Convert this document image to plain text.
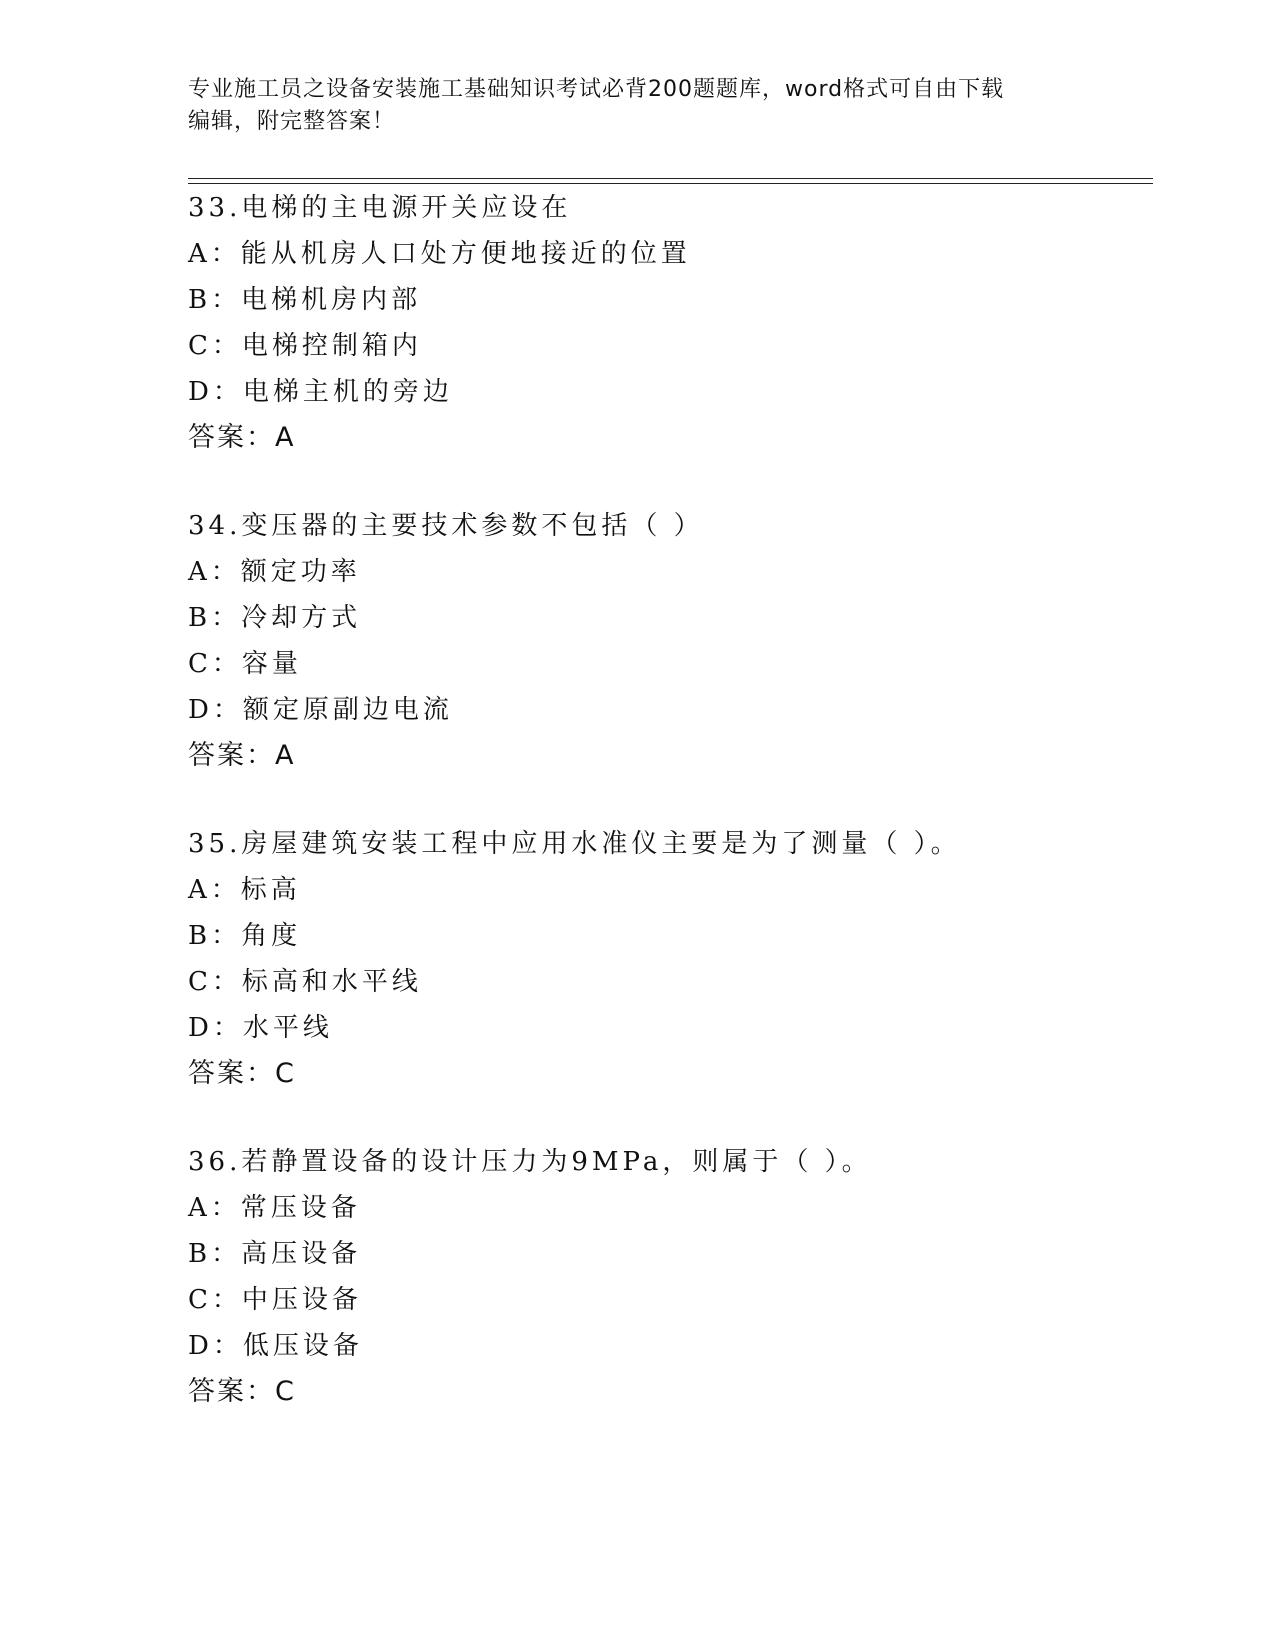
专业施工员之设备安装施工基础知识考试必背200题题库，word格式可自由下载
编辑，附完整答案！
33.电梯的主电源开关应设在
A：能从机房人口处方便地接近的位置
B：电梯机房内部
C：电梯控制箱内
D：电梯主机的旁边
答案：A
34.变压器的主要技术参数不包括（ ）
A：额定功率
B：冷却方式
C：容量
D：额定原副边电流
答案：A
35.房屋建筑安装工程中应用水准仪主要是为了测量（ ）。
A：标高
B：角度
C：标高和水平线
D：水平线
答案：C
36.若静置设备的设计压力为9MPa，则属于（ ）。
A：常压设备
B：高压设备
C：中压设备
D：低压设备
答案：C
